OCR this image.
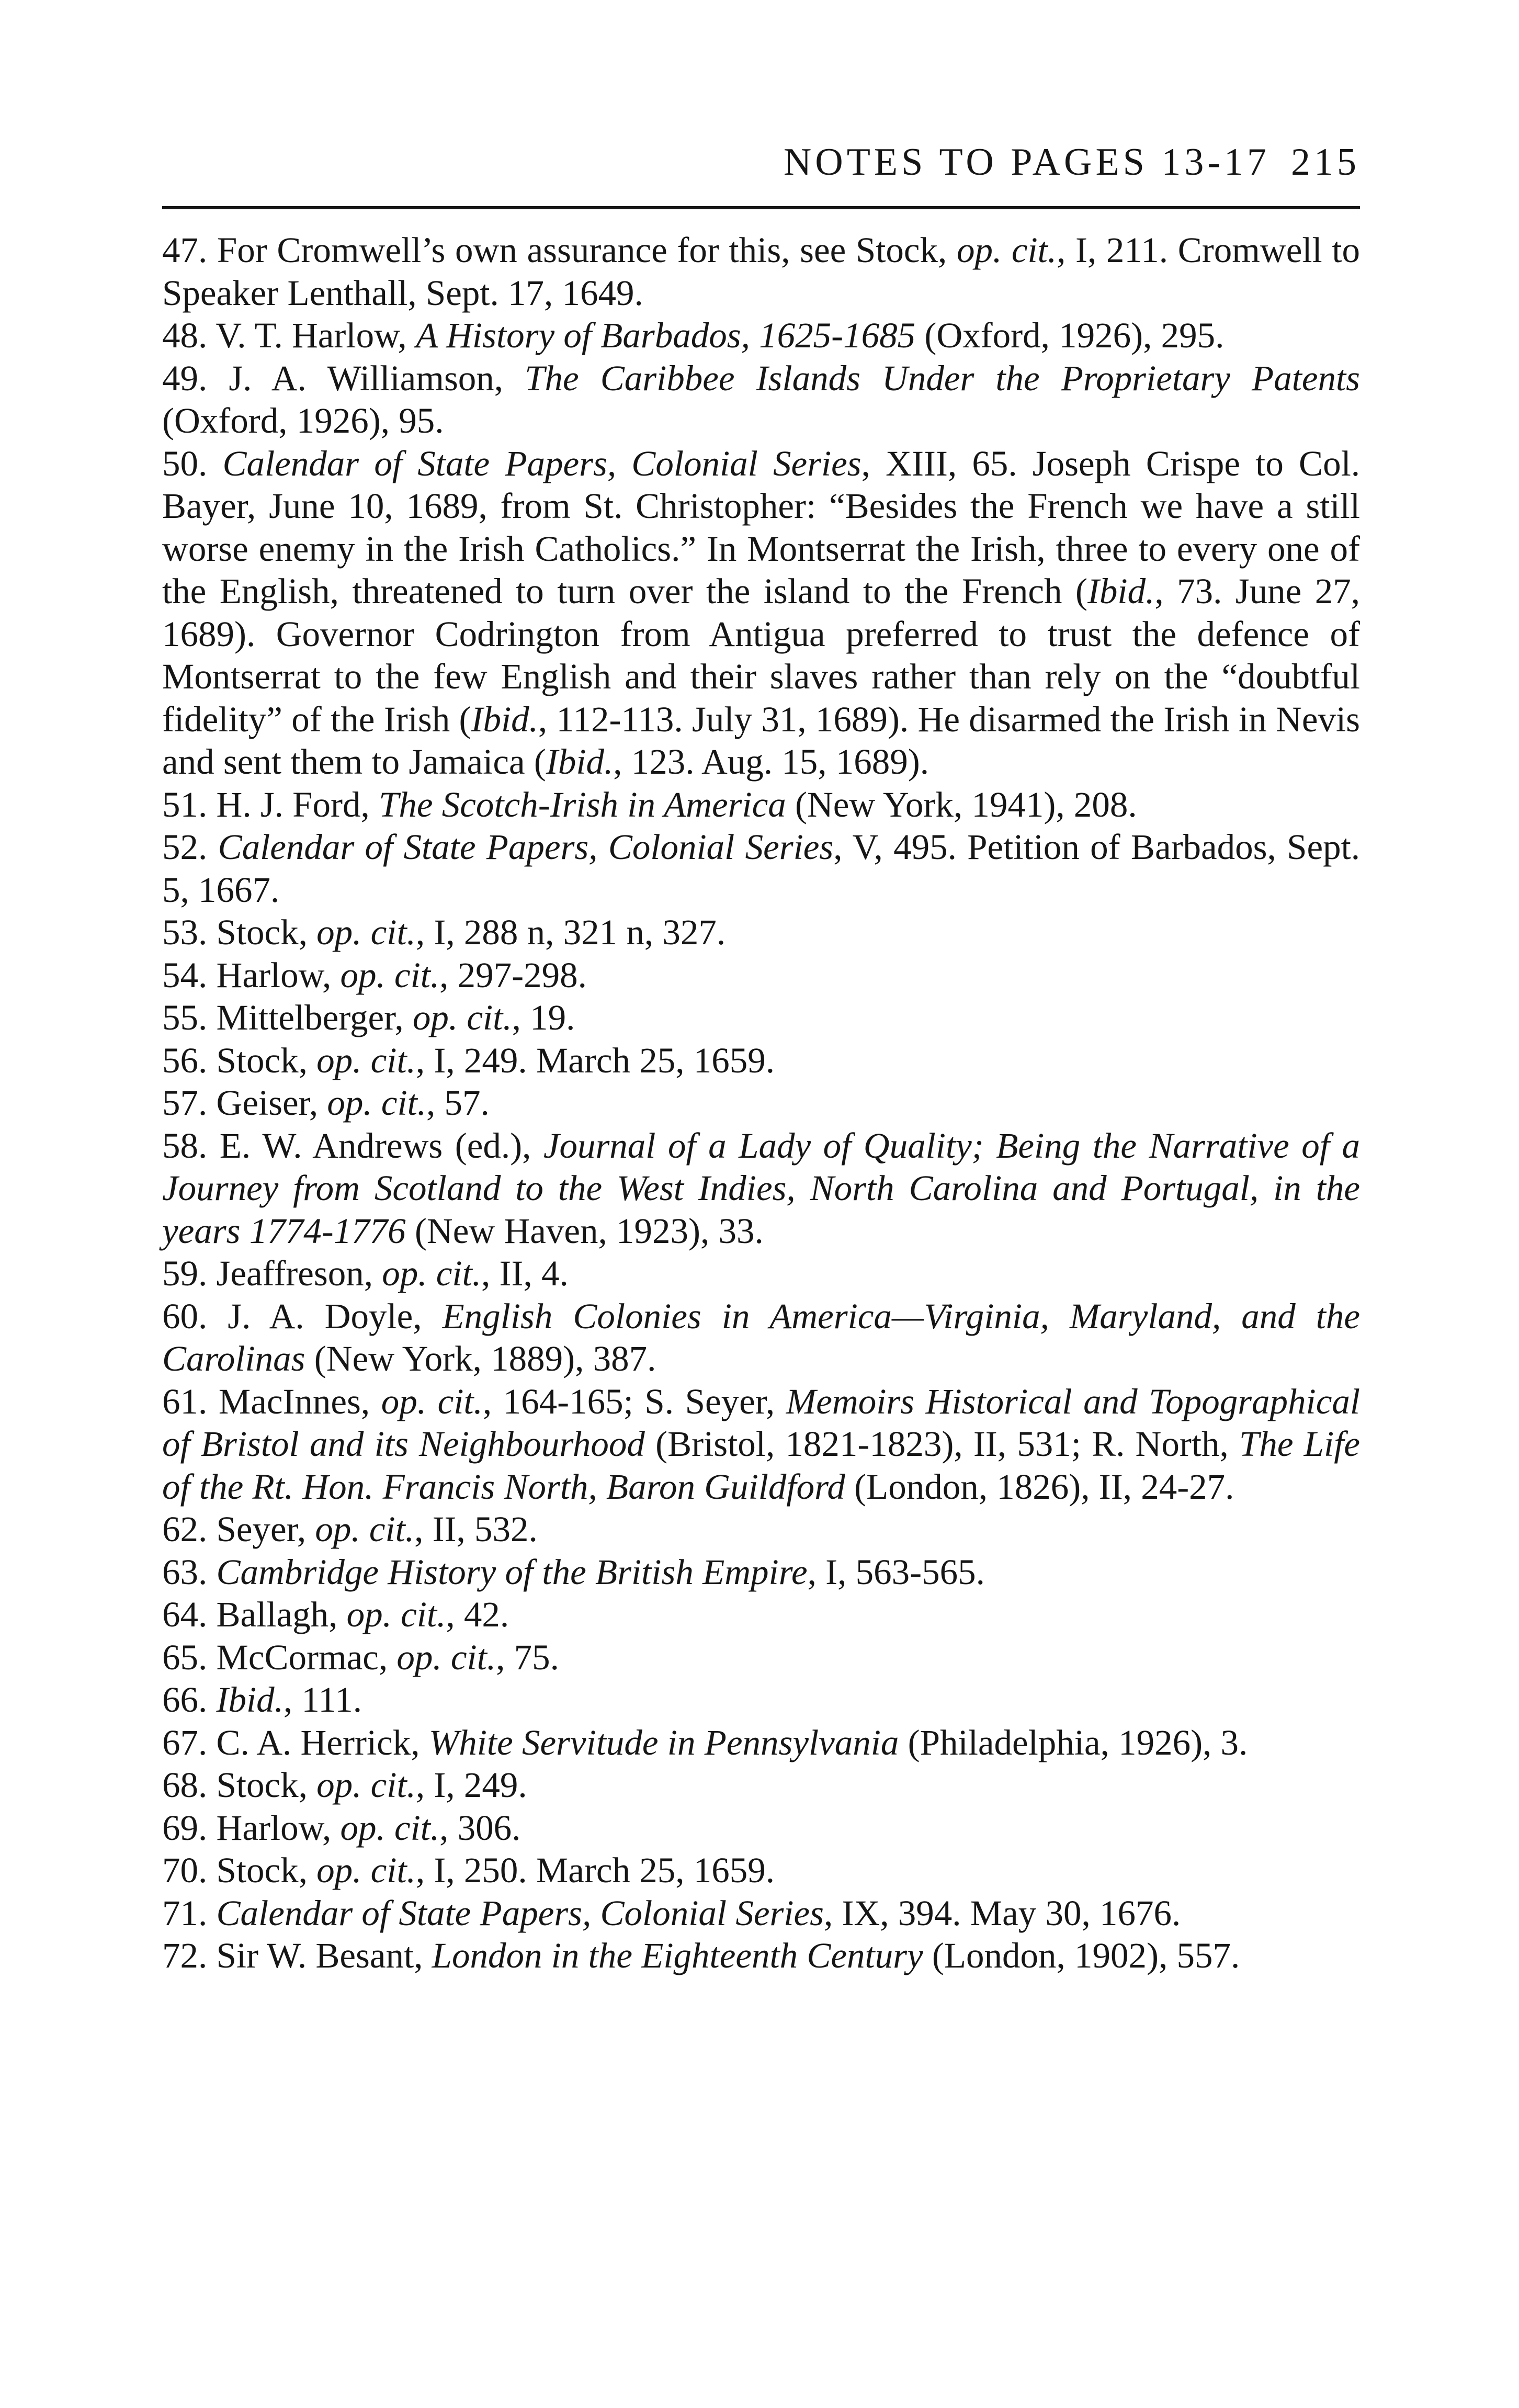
NOTES TO PAGES 13-17 215

47. For Cromwell’s own assurance for this, see Stock, op. cit., I, 211. Cromwell to Speaker Lenthall, Sept. 17, 1649.

48. V. T. Harlow, A History of Barbados, 1625-1685 (Oxford, 1926), 295.

49. J. A. Williamson, The Caribbee Islands Under the Proprietary Patents (Oxford, 1926), 95.

50. Calendar of State Papers, Colonial Series, XIII, 65. Joseph Crispe to Col. Bayer, June 10, 1689, from St. Christopher: “Besides the French we have a still worse enemy in the Irish Catholics.” In Montserrat the Irish, three to every one of the English, threatened to turn over the island to the French (Ibid., 73. June 27, 1689). Governor Codrington from Antigua preferred to trust the defence of Montserrat to the few English and their slaves rather than rely on the “doubtful fidelity” of the Irish (Ibid., 112-113. July 31, 1689). He disarmed the Irish in Nevis and sent them to Jamaica (Ibid., 123. Aug. 15, 1689).

51. H. J. Ford, The Scotch-Irish in America (New York, 1941), 208.

52. Calendar of State Papers, Colonial Series, V, 495. Petition of Barbados, Sept. 5, 1667.

53. Stock, op. cit., I, 288 n, 321 n, 327.

54. Harlow, op. cit., 297-298.

55. Mittelberger, op. cit., 19.

56. Stock, op. cit., I, 249. March 25, 1659.

57. Geiser, op. cit., 57.

58. E. W. Andrews (ed.), Journal of a Lady of Quality; Being the Narrative of a Journey from Scotland to the West Indies, North Carolina and Portugal, in the years 1774-1776 (New Haven, 1923), 33.

59. Jeaffreson, op. cit., II, 4.

60. J. A. Doyle, English Colonies in America—Virginia, Maryland, and the Carolinas (New York, 1889), 387.

61. MacInnes, op. cit., 164-165; S. Seyer, Memoirs Historical and Topographical of Bristol and its Neighbourhood (Bristol, 1821-1823), II, 531; R. North, The Life of the Rt. Hon. Francis North, Baron Guildford (London, 1826), II, 24-27.

62. Seyer, op. cit., II, 532.

63. Cambridge History of the British Empire, I, 563-565.

64. Ballagh, op. cit., 42.

65. McCormac, op. cit., 75.

66. Ibid., 111.

67. C. A. Herrick, White Servitude in Pennsylvania (Philadelphia, 1926), 3.

68. Stock, op. cit., I, 249.

69. Harlow, op. cit., 306.

70. Stock, op. cit., I, 250. March 25, 1659.

71. Calendar of State Papers, Colonial Series, IX, 394. May 30, 1676.

72. Sir W. Besant, London in the Eighteenth Century (London, 1902), 557.
